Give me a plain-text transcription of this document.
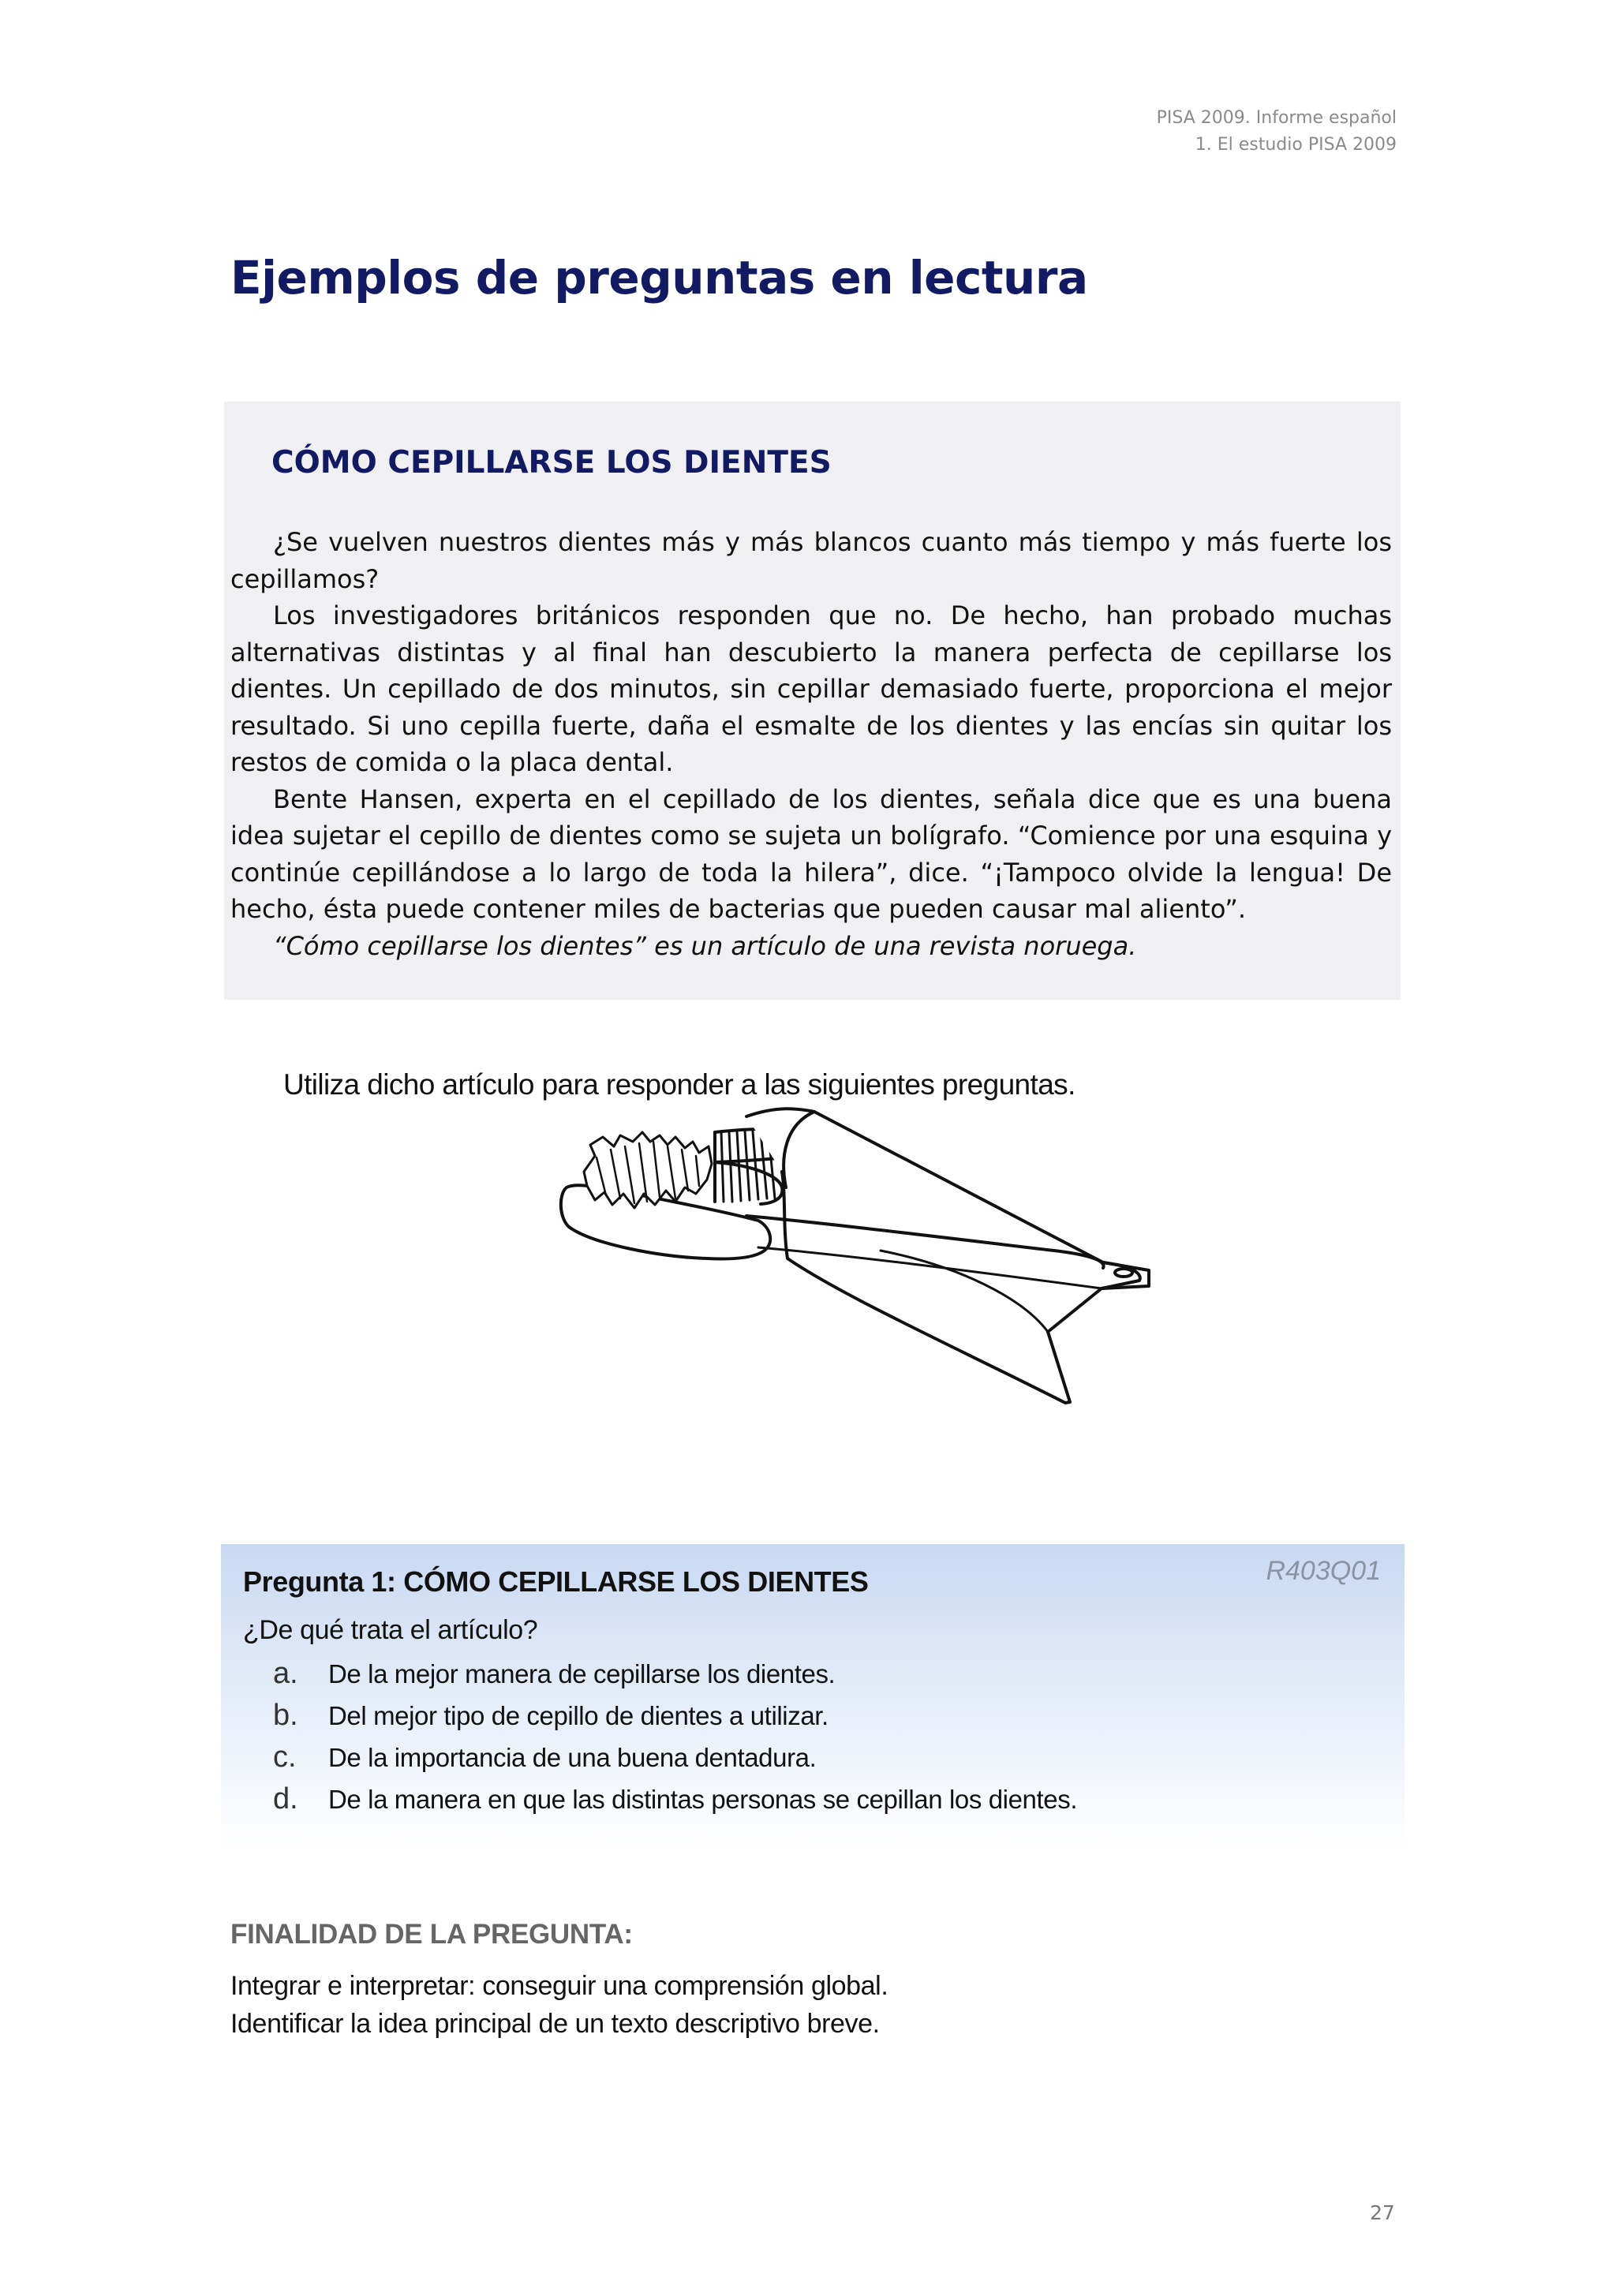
PISA 2009. Informe español
1. El estudio PISA 2009
Ejemplos de preguntas en lectura
CÓMO CEPILLARSE LOS DIENTES

¿Se vuelven nuestros dientes más y más blancos cuanto más tiempo y más fuerte los cepillamos?

Los investigadores británicos responden que no. De hecho, han probado muchas alternativas distintas y al final han descubierto la manera perfecta de cepillarse los dientes. Un cepillado de dos minutos, sin cepillar demasiado fuerte, proporciona el mejor resultado. Si uno cepilla fuerte, daña el esmalte de los dientes y las encías sin quitar los restos de comida o la placa dental.

Bente Hansen, experta en el cepillado de los dientes, señala dice que es una buena idea sujetar el cepillo de dientes como se sujeta un bolígrafo. “Comience por una esquina y continúe cepillándose a lo largo de toda la hilera”, dice. “¡Tampoco olvide la lengua! De hecho, ésta puede contener miles de bacterias que pueden causar mal aliento”.

“Cómo cepillarse los dientes” es un artículo de una revista noruega.

Utiliza dicho artículo para responder a las siguientes preguntas.

R403Q01
Pregunta 1: CÓMO CEPILLARSE LOS DIENTES
¿De qué trata el artículo?
a.	De la mejor manera de cepillarse los dientes.
b.	Del mejor tipo de cepillo de dientes a utilizar.
c.	De la importancia de una buena dentadura.
d.	De la manera en que las distintas personas se cepillan los dientes.
FINALIDAD DE LA PREGUNTA:
Integrar e interpretar: conseguir una comprensión global.
Identificar la idea principal de un texto descriptivo breve.
27
